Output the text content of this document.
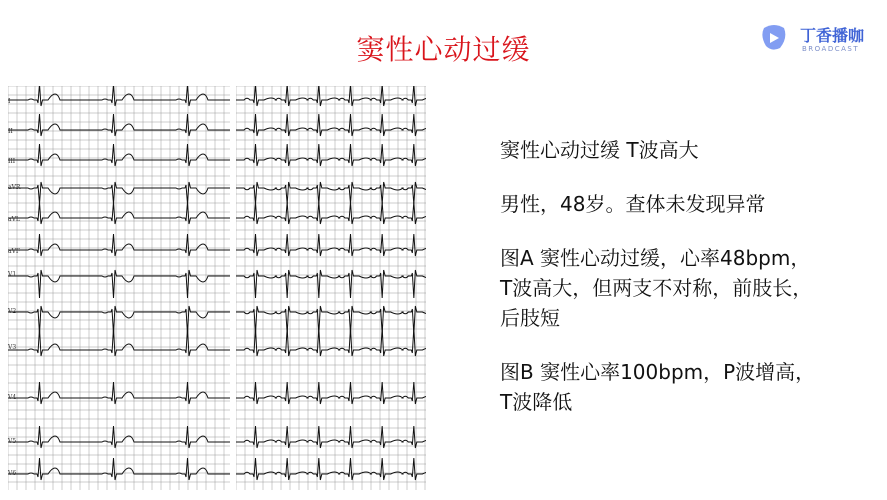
窦性心动过缓	丁香播咖
BROADCAST
I
II
III
aVR
aVL
aVF
V1
V2
V3
V4
V5
V6
窦性心动过缓 T波高大
男性，48岁。查体未发现异常
图A 窦性心动过缓，心率48bpm，
T波高大，但两支不对称，前肢长，
后肢短
图B 窦性心率100bpm，P波增高，
T波降低
